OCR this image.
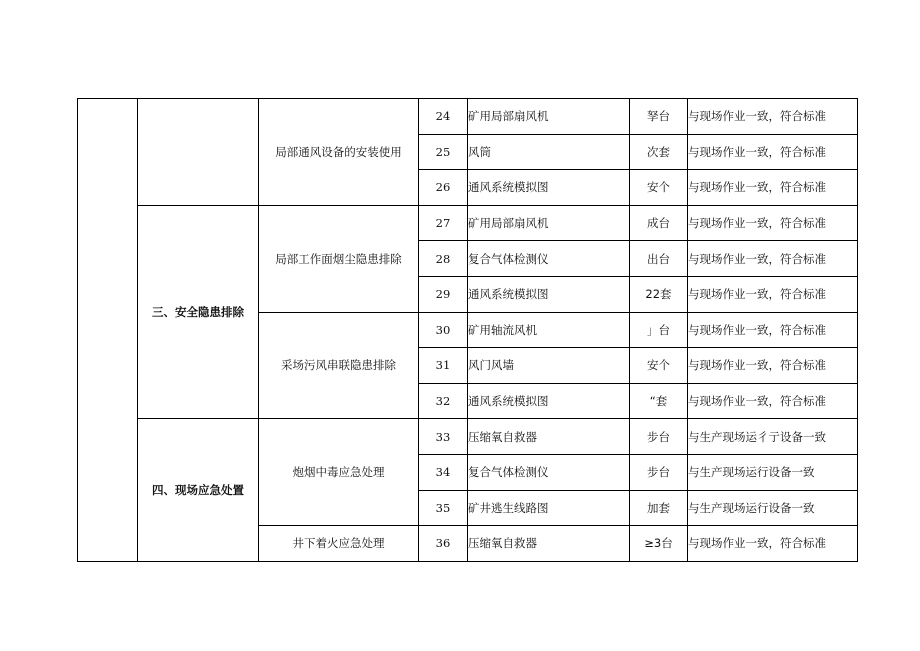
		局部通风设备的安装使用	24	矿用局部扇风机	孥台	与现场作业一致，符合标准
			25	风筒	次套	与现场作业一致，符合标准
			26	通风系统模拟图	安个	与现场作业一致，符合标准
	三、安全隐患排除	局部工作面烟尘隐患排除	27	矿用局部扇风机	成台	与现场作业一致，符合标准
			28	复合气体检测仪	出台	与现场作业一致，符合标准
			29	通风系统模拟图	22套	与现场作业一致，符合标准
		采场污风串联隐患排除	30	矿用轴流风机	」台	与现场作业一致，符合标准
			31	风门风墙	安个	与现场作业一致，符合标准
			32	通风系统模拟图	“套	与现场作业一致，符合标准
	四、现场应急处置	炮烟中毒应急处理	33	压缩氧自救器	步台	与生产现场运彳亍设备一致
			34	复合气体检测仪	步台	与生产现场运行设备一致
			35	矿井逃生线路图	加套	与生产现场运行设备一致
		井下着火应急处理	36	压缩氧自救器	≥3台	与现场作业一致，符合标准
